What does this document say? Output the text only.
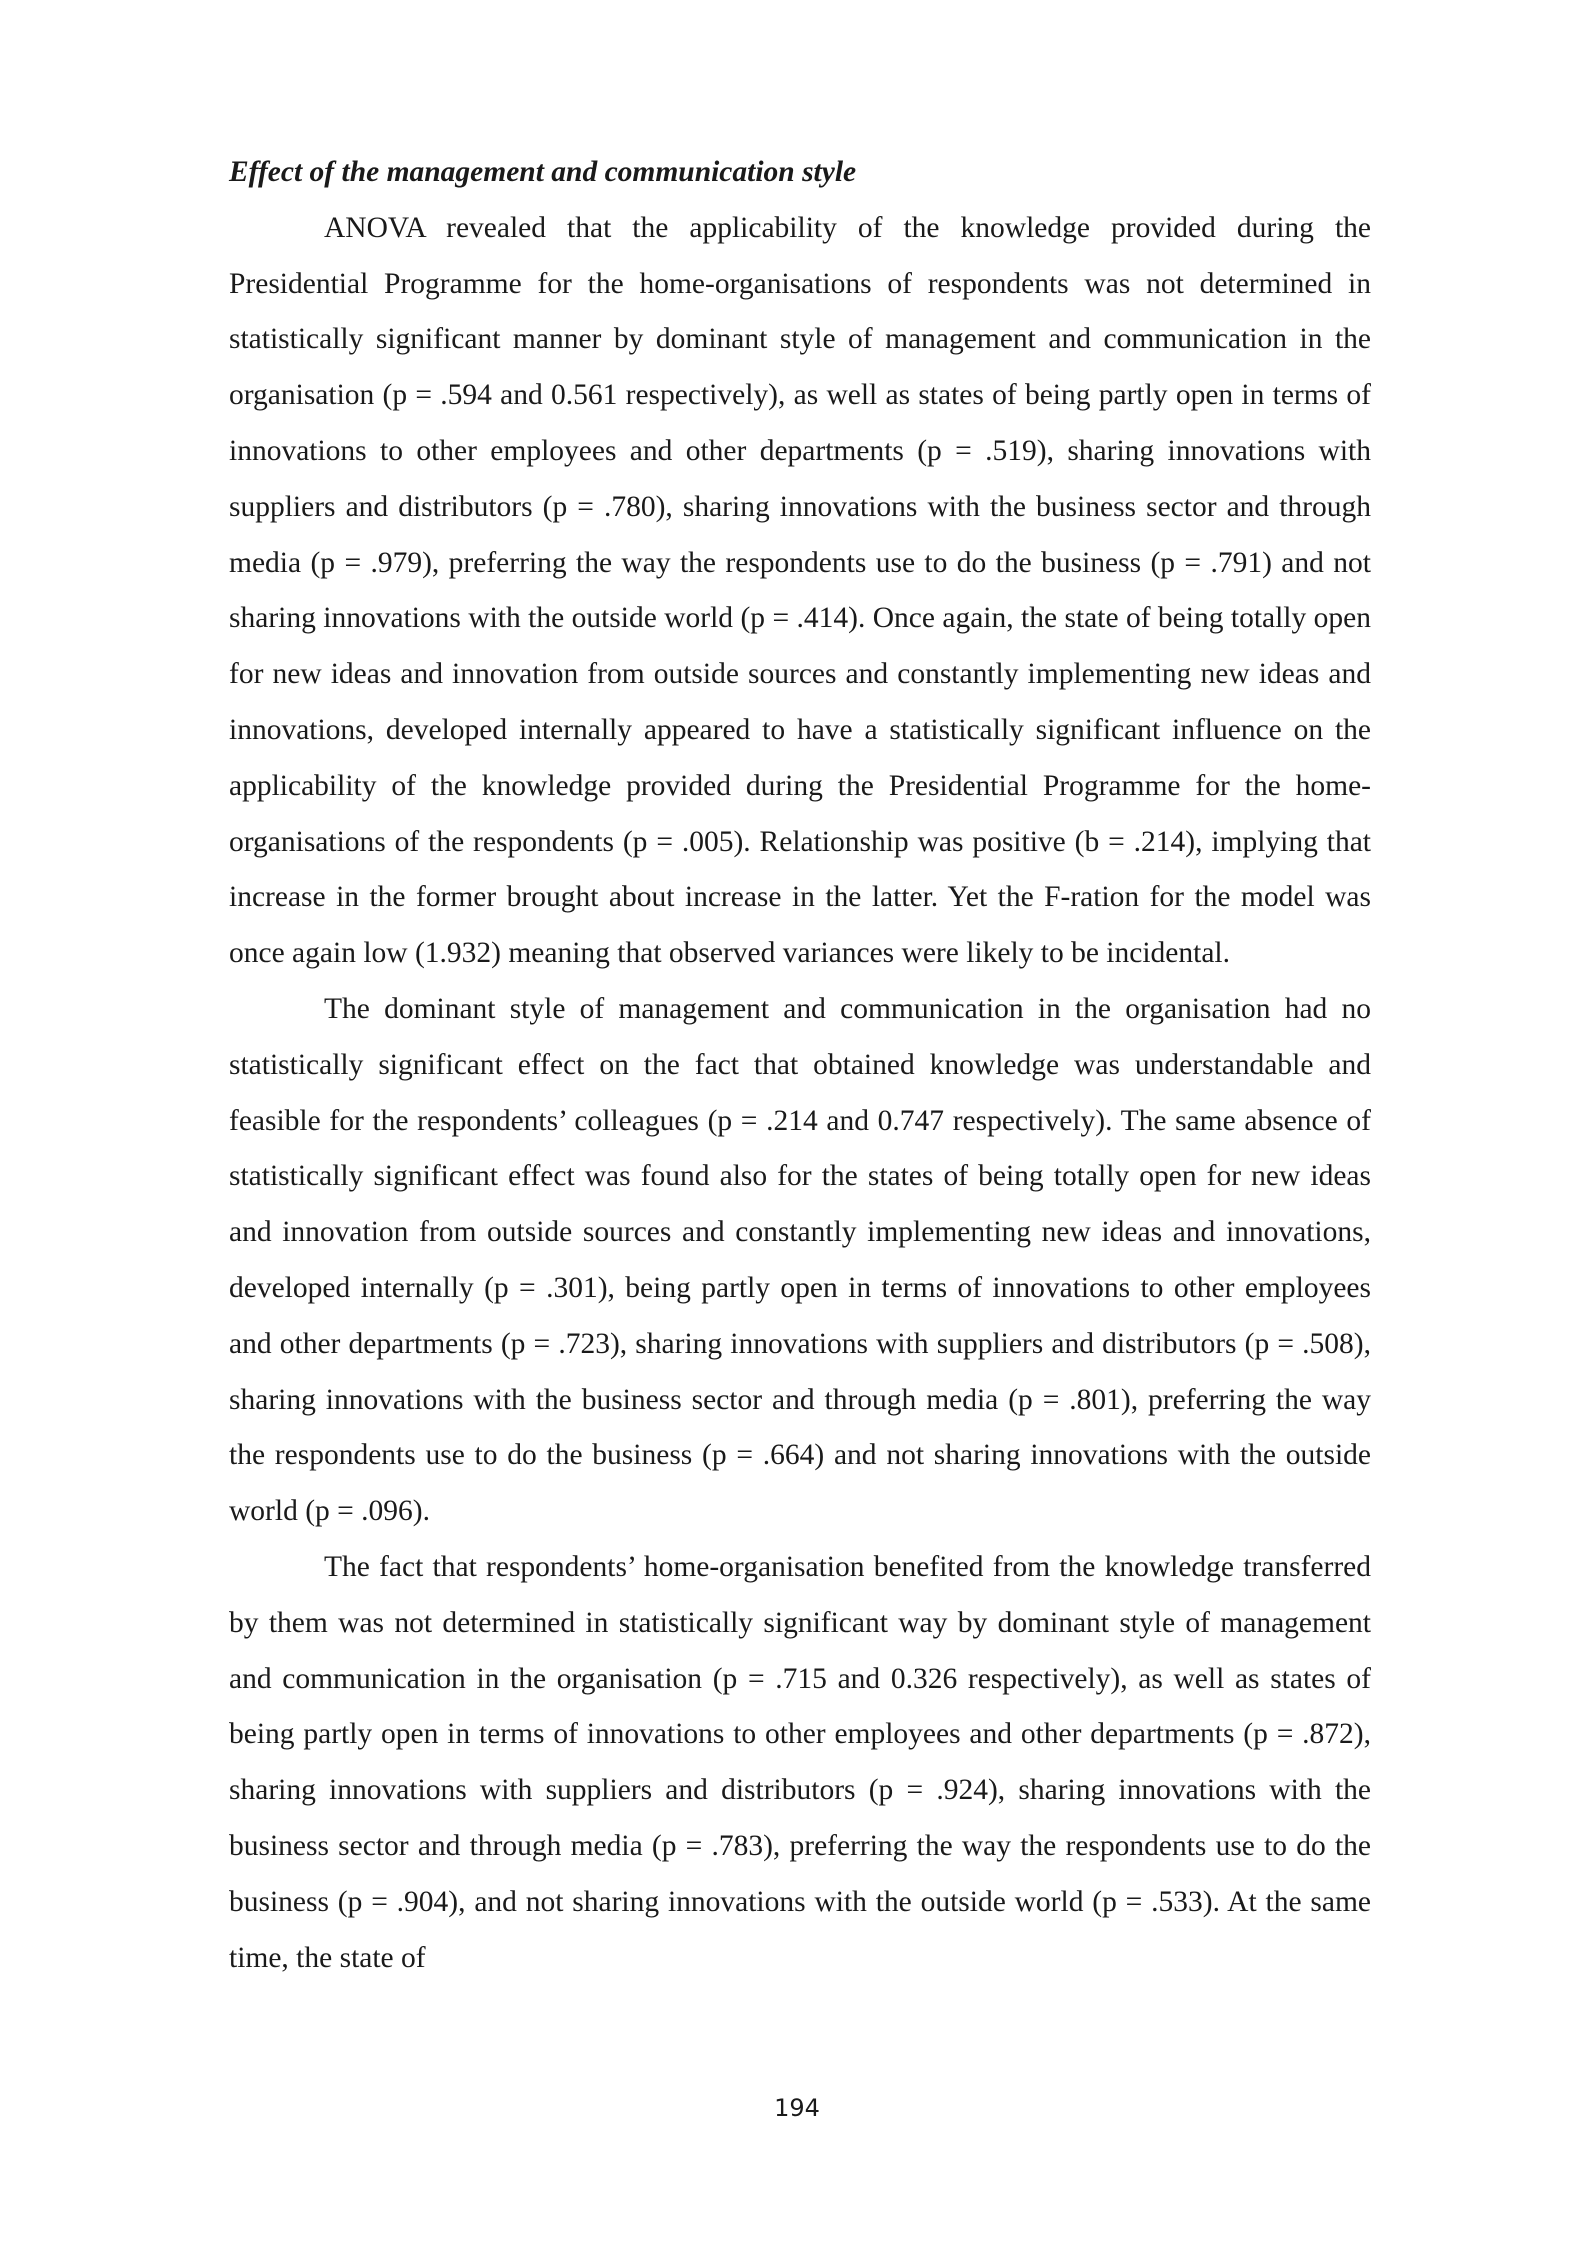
Effect of the management and communication style

ANOVA revealed that the applicability of the knowledge provided during the Presidential Programme for the home-organisations of respondents was not determined in statistically significant manner by dominant style of management and communication in the organisation (p = .594 and 0.561 respectively), as well as states of being partly open in terms of innovations to other employees and other departments (p = .519), sharing innovations with suppliers and distributors (p = .780), sharing innovations with the business sector and through media (p = .979), preferring the way the respondents use to do the business (p = .791) and not sharing innovations with the outside world (p = .414). Once again, the state of being totally open for new ideas and innovation from outside sources and constantly implementing new ideas and innovations, developed internally appeared to have a statistically significant influence on the applicability of the knowledge provided during the Presidential Programme for the home-organisations of the respondents (p = .005). Relationship was positive (b = .214), implying that increase in the former brought about increase in the latter. Yet the F-ration for the model was once again low (1.932) meaning that observed variances were likely to be incidental.

The dominant style of management and communication in the organisation had no statistically significant effect on the fact that obtained knowledge was understandable and feasible for the respondents’ colleagues (p = .214 and 0.747 respectively). The same absence of statistically significant effect was found also for the states of being totally open for new ideas and innovation from outside sources and constantly implementing new ideas and innovations, developed internally (p = .301), being partly open in terms of innovations to other employees and other departments (p = .723), sharing innovations with suppliers and distributors (p = .508), sharing innovations with the business sector and through media (p = .801), preferring the way the respondents use to do the business (p = .664) and not sharing innovations with the outside world (p = .096).

The fact that respondents’ home-organisation benefited from the knowledge transferred by them was not determined in statistically significant way by dominant style of management and communication in the organisation (p = .715 and 0.326 respectively), as well as states of being partly open in terms of innovations to other employees and other departments (p = .872), sharing innovations with suppliers and distributors (p = .924), sharing innovations with the business sector and through media (p = .783), preferring the way the respondents use to do the business (p = .904), and not sharing innovations with the outside world (p = .533). At the same time, the state of

194
